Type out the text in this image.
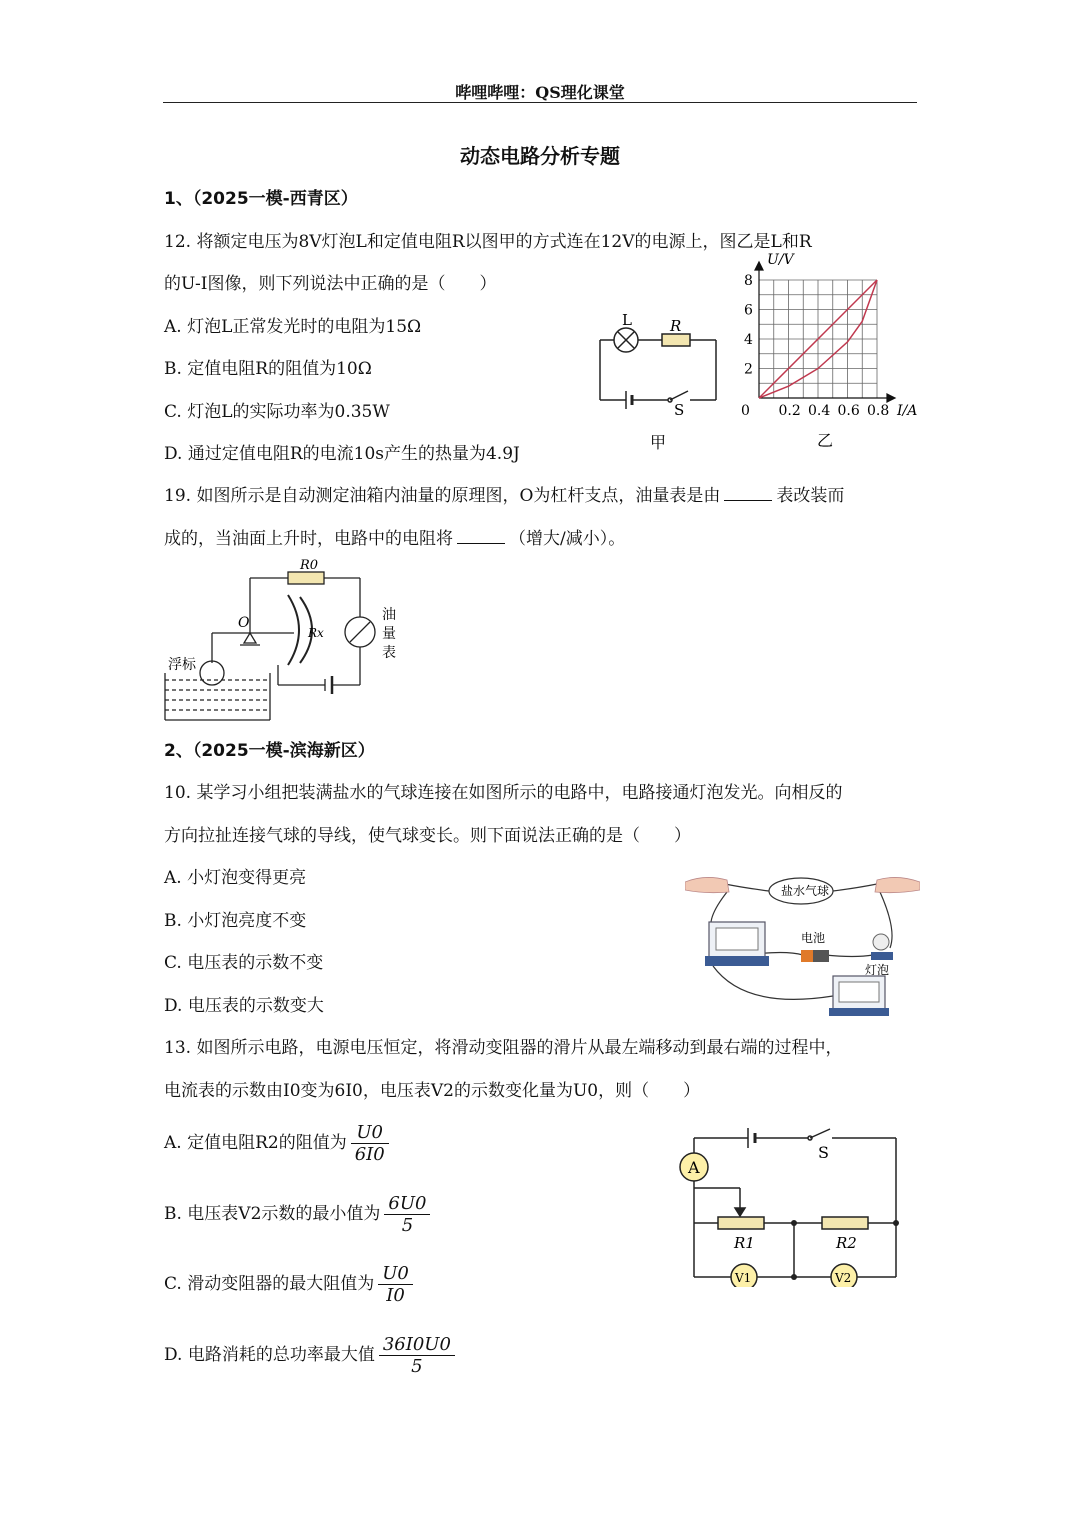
哔哩哔哩：QS理化课堂
动态电路分析专题
1、（2025一模-西青区）
12. 将额定电压为8V灯泡L和定值电阻R以图甲的方式连在12V的电源上，图乙是L和R
的U-I图像，则下列说法中正确的是（　　）
A. 灯泡L正常发光时的电阻为15Ω
B. 定值电阻R的阻值为10Ω
C. 灯泡L的实际功率为0.35W
D. 通过定值电阻R的电流10s产生的热量为4.9J
L	R
S
甲
0 0.2 0.4 0.6 0.8
2
4
6
8
I/A
U/V
乙
19. 如图所示是自动测定油箱内油量的原理图，O为杠杆支点，油量表是由	表改装而
成的，当油面上升时，电路中的电阻将	（增大/减小）。
R0
O
Rx
油
量
表
浮标
2、（2025一模-滨海新区）
10. 某学习小组把装满盐水的气球连接在如图所示的电路中，电路接通灯泡发光。向相反的
方向拉扯连接气球的导线，使气球变长。则下面说法正确的是（　　）
A. 小灯泡变得更亮
B. 小灯泡亮度不变
C. 电压表的示数不变
D. 电压表的示数变大
盐水气球
电池
灯泡
13. 如图所示电路，电源电压恒定，将滑动变阻器的滑片从最左端移动到最右端的过程中，
电流表的示数由I0变为6I0，电压表V2的示数变化量为U0，则（　　）
A. 定值电阻R2的阻值为 $\frac{U0}{6I0}$
B. 电压表V2示数的最小值为 $\frac{6U0}{5}$
C. 滑动变阻器的最大阻值为 $\frac{U0}{I0}$
D. 电路消耗的总功率最大值 $\frac{36I0U0}{5}$
A
S
R1	R2
V1	V2
